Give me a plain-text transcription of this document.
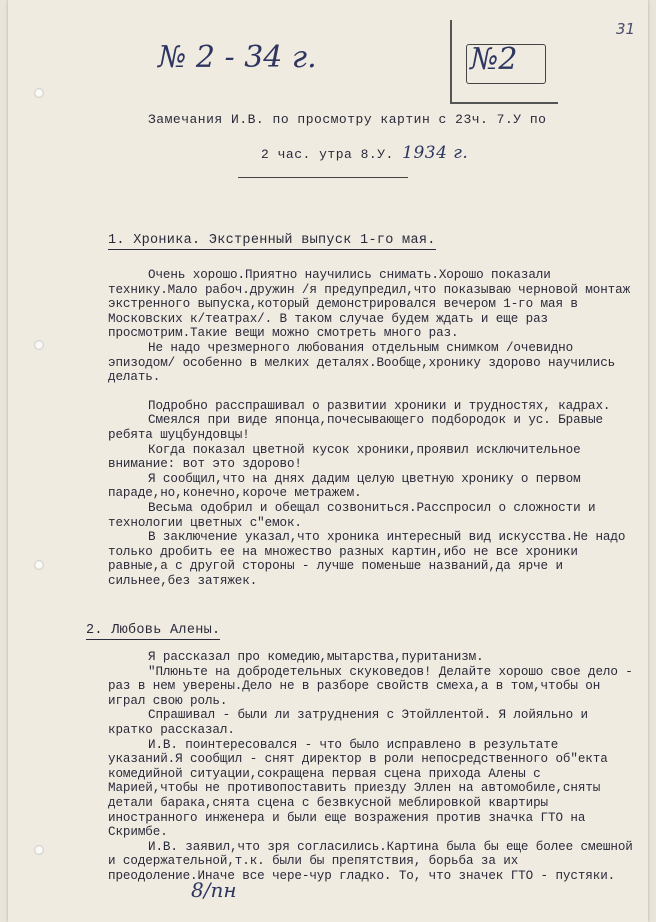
31
№ 2 - 34 г.	№2
Замечания И.В. по просмотру картин с 23ч. 7.У по
2 час. утра 8.У. 1934 г.
1. Хроника. Экстренный выпуск 1-го мая.

Очень хорошо.Приятно научились снимать.Хорошо показали технику.Мало рабоч.дружин /я предупредил,что показываю черновой монтаж экстренного выпуска,который демонстрировался вечером 1-го мая в Московских к/театрах/. В таком случае будем ждать и еще раз просмотрим.Такие вещи можно смотреть много раз.

Не надо чрезмерного любования отдельным снимком /очевидно эпизодом/ особенно в мелких деталях.Вообще,хронику здорово научились делать.

Подробно расспрашивал о развитии хроники и трудностях, кадрах.

Смеялся при виде японца,почесывающего подбородок и ус. Бравые ребята шуцбундовцы!

Когда показал цветной кусок хроники,проявил исключительное внимание: вот это здорово!

Я сообщил,что на днях дадим целую цветную хронику о первом параде,но,конечно,короче метражем.

Весьма одобрил и обещал созвониться.Расспросил о сложности и технологии цветных с"емок.

В заключение указал,что хроника интересный вид искусства.Не надо только дробить ее на множество разных картин,ибо не все хроники равные,а с другой стороны - лучше поменьше названий,да ярче и сильнее,без затяжек.

2. Любовь Алены.

Я рассказал про комедию,мытарства,пуританизм.

"Плюньте на добродетельных скуковедов! Делайте хорошо свое дело - раз в нем уверены.Дело не в разборе свойств смеха,а в том,чтобы он играл свою роль.

Спрашивал - были ли затруднения с Этойллентой. Я лойяльно и кратко рассказал.

И.В. поинтересовался - что было исправлено в результате указаний.Я сообщил - снят директор в роли непосредственного об"екта комедийной ситуации,сокращена первая сцена прихода Алены с Марией,чтобы не противопоставить приезду Эллен на автомобиле,сняты детали барака,снята сцена с безвкусной меблировкой квартиры иностранного инженера и были еще возражения против значка ГТО на Скримбе.

И.В. заявил,что зря согласились.Картина была бы еще более смешной и содержательной,т.к. были бы препятствия, борьба за их преодоление.Иначе все чере-чур гладко. То, что значек ГТО - пустяки.

8/пн
